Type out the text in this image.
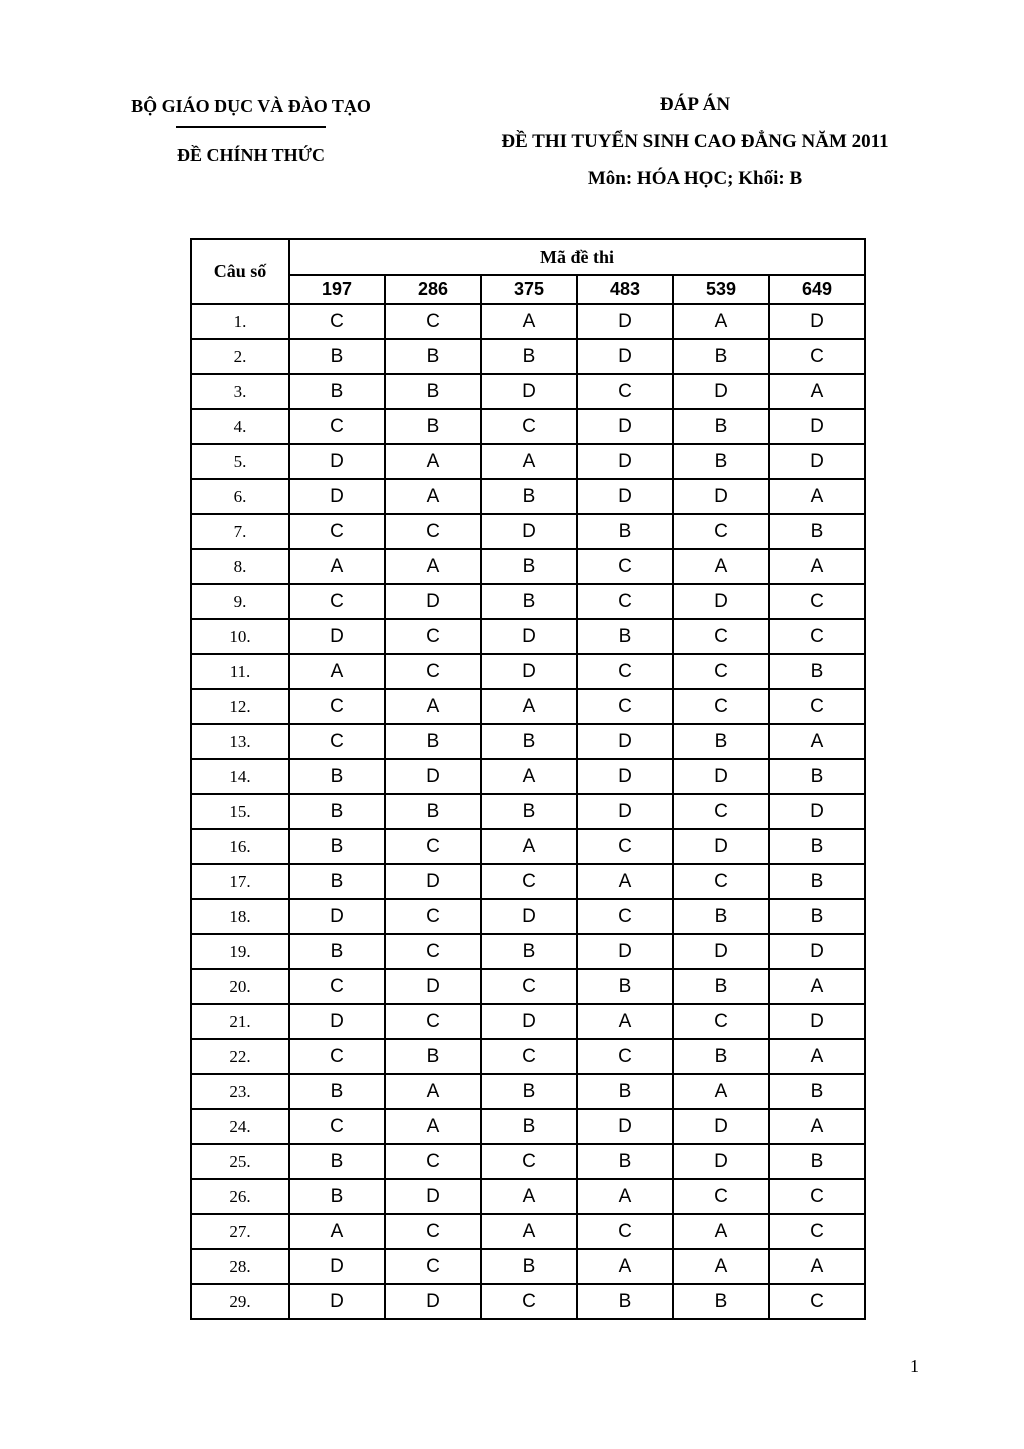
BỘ GIÁO DỤC VÀ ĐÀO TẠO
ĐỀ CHÍNH THỨC
ĐÁP ÁN
ĐỀ THI TUYỂN SINH CAO ĐẲNG NĂM 2011
Môn: HÓA HỌC; Khối: B
Câu số	Mã đề thi					
	197	286	375	483	539	649
1.	C	C	A	D	A	D
2.	B	B	B	D	B	C
3.	B	B	D	C	D	A
4.	C	B	C	D	B	D
5.	D	A	A	D	B	D
6.	D	A	B	D	D	A
7.	C	C	D	B	C	B
8.	A	A	B	C	A	A
9.	C	D	B	C	D	C
10.	D	C	D	B	C	C
11.	A	C	D	C	C	B
12.	C	A	A	C	C	C
13.	C	B	B	D	B	A
14.	B	D	A	D	D	B
15.	B	B	B	D	C	D
16.	B	C	A	C	D	B
17.	B	D	C	A	C	B
18.	D	C	D	C	B	B
19.	B	C	B	D	D	D
20.	C	D	C	B	B	A
21.	D	C	D	A	C	D
22.	C	B	C	C	B	A
23.	B	A	B	B	A	B
24.	C	A	B	D	D	A
25.	B	C	C	B	D	B
26.	B	D	A	A	C	C
27.	A	C	A	C	A	C
28.	D	C	B	A	A	A
29.	D	D	C	B	B	C
1
